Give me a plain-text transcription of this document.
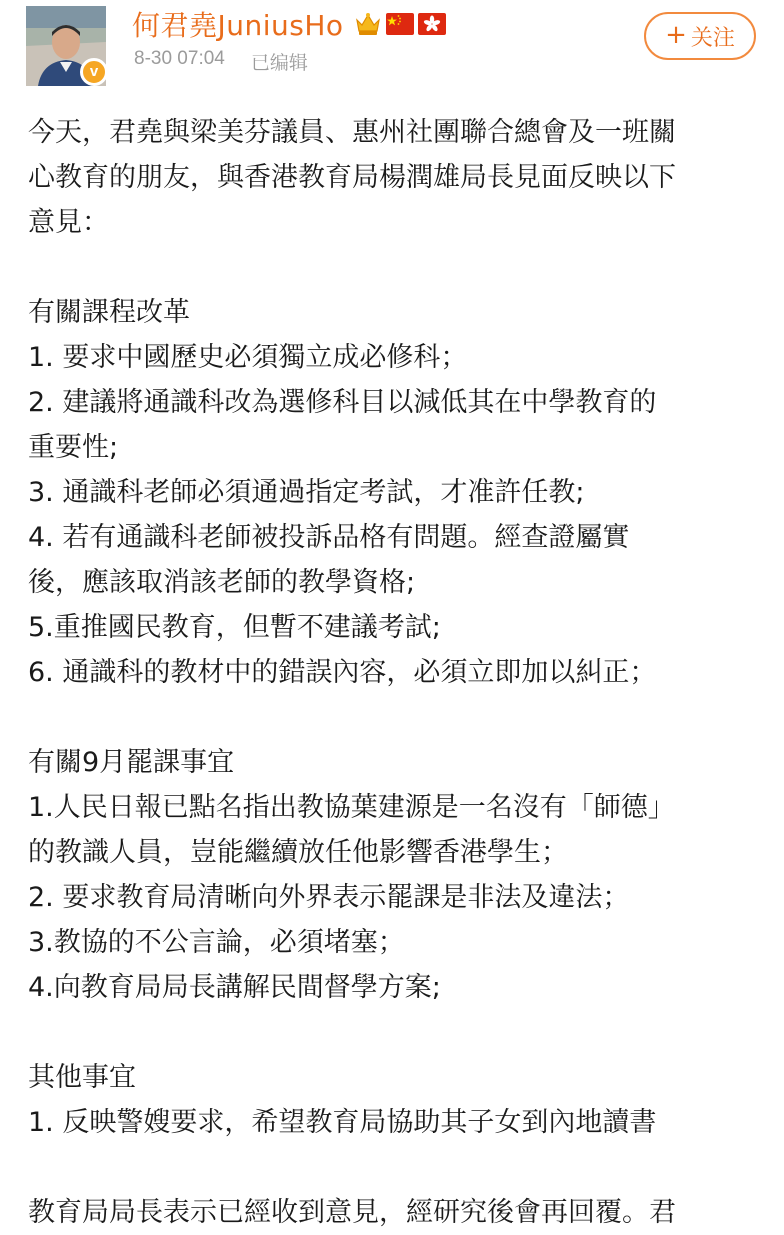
v
何君堯JuniusHo
8-30 07:04 已编辑
+ 关注
今天，君堯與梁美芬議員、惠州社團聯合總會及一班關
心教育的朋友，與香港教育局楊潤雄局長見面反映以下
意見：
有關課程改革
1. 要求中國歷史必須獨立成必修科；
2. 建議將通識科改為選修科目以減低其在中學教育的
重要性;
3. 通識科老師必須通過指定考試，才准許任教;
4. 若有通識科老師被投訴品格有問題。經查證屬實
後，應該取消該老師的教學資格;
5.重推國民教育，但暫不建議考試;
6. 通識科的教材中的錯誤內容，必須立即加以糾正；
有關9月罷課事宜
1.人民日報已點名指出教協葉建源是一名沒有「師德」
的教識人員，豈能繼續放任他影響香港學生；
2. 要求教育局清晰向外界表示罷課是非法及違法；
3.教協的不公言論，必須堵塞；
4.向教育局局長講解民間督學方案;
其他事宜
1. 反映警嫂要求，希望教育局協助其子女到內地讀書
教育局局長表示已經收到意見，經研究後會再回覆。君
